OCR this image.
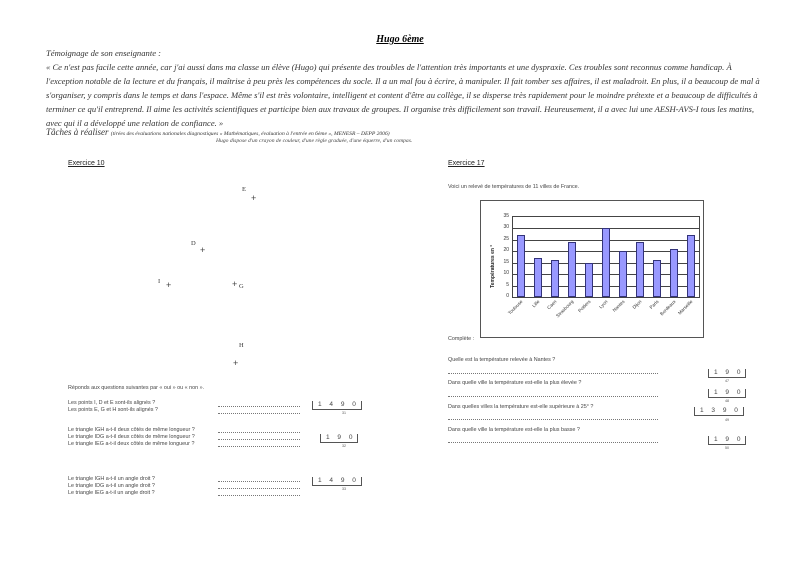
Hugo 6ème

Témoignage de son enseignante :

« Ce n'est pas facile cette année, car j'ai aussi dans ma classe un élève (Hugo) qui présente des troubles de l'attention très importants et une dyspraxie. Ces troubles sont reconnus comme handicap. À l'exception notable de la lecture et du français, il maîtrise à peu près les compétences du socle. Il a un mal fou à écrire, à manipuler. Il fait tomber ses affaires, il est maladroit. En plus, il a beaucoup de mal à s'organiser, y compris dans le temps et dans l'espace. Même s'il est très volontaire, intelligent et content d'être au collège, il se disperse très rapidement pour le moindre prétexte et a beaucoup de difficultés à terminer ce qu'il entreprend. Il aime les activités scientifiques et participe bien aux travaux de groupes. Il organise très difficilement son travail. Heureusement, il a avec lui une AESH-AVS-I tous les matins, avec qui il a développé une relation de confiance. »

Tâches à réaliser (tirées des évaluations nationales diagnostiques « Mathématiques, évaluation à l'entrée en 6ème », MENESR – DEPP 2006)
Hugo dispose d'un crayon de couleur, d'une règle graduée, d'une équerre, d'un compas.
Exercice 10
E
+
D
+
I +	G
+
H
+
Réponds aux questions suivantes par « oui » ou « non ».
Les points I, D et E sont-ils alignés ?
Les points E, G et H sont-ils alignés ?
1 4 9 0
31
Le triangle IGH a-t-il deux côtés de même longueur ?
Le triangle IDG a-t-il deux côtés de même longueur ?
Le triangle IEG a-t-il deux côtés de même longueur ?
1 9 0
32
Le triangle IGH a-t-il un angle droit ?
Le triangle IDG a-t-il un angle droit ?
Le triangle IEG a-t-il un angle droit ?
1 4 9 0
33
Exercice 17
Voici un relevé de températures de 11 villes de France.
Températures en °
0
5
10
15
20
25
30
35
Toulouse	Lille	Caen
Strasbourg Poitiers	Lyon Nantes	Dijon	Paris Bordeaux Marseille
Complète :
Quelle est la température relevée à Nantes ?
1 9 0
47
Dans quelle ville la température est-elle la plus élevée ?
1 9 0
48
Dans quelles villes la température est-elle supérieure à 25° ?	1 3 9 0
49
Dans quelle ville la température est-elle la plus basse ?
1 9 0
50
